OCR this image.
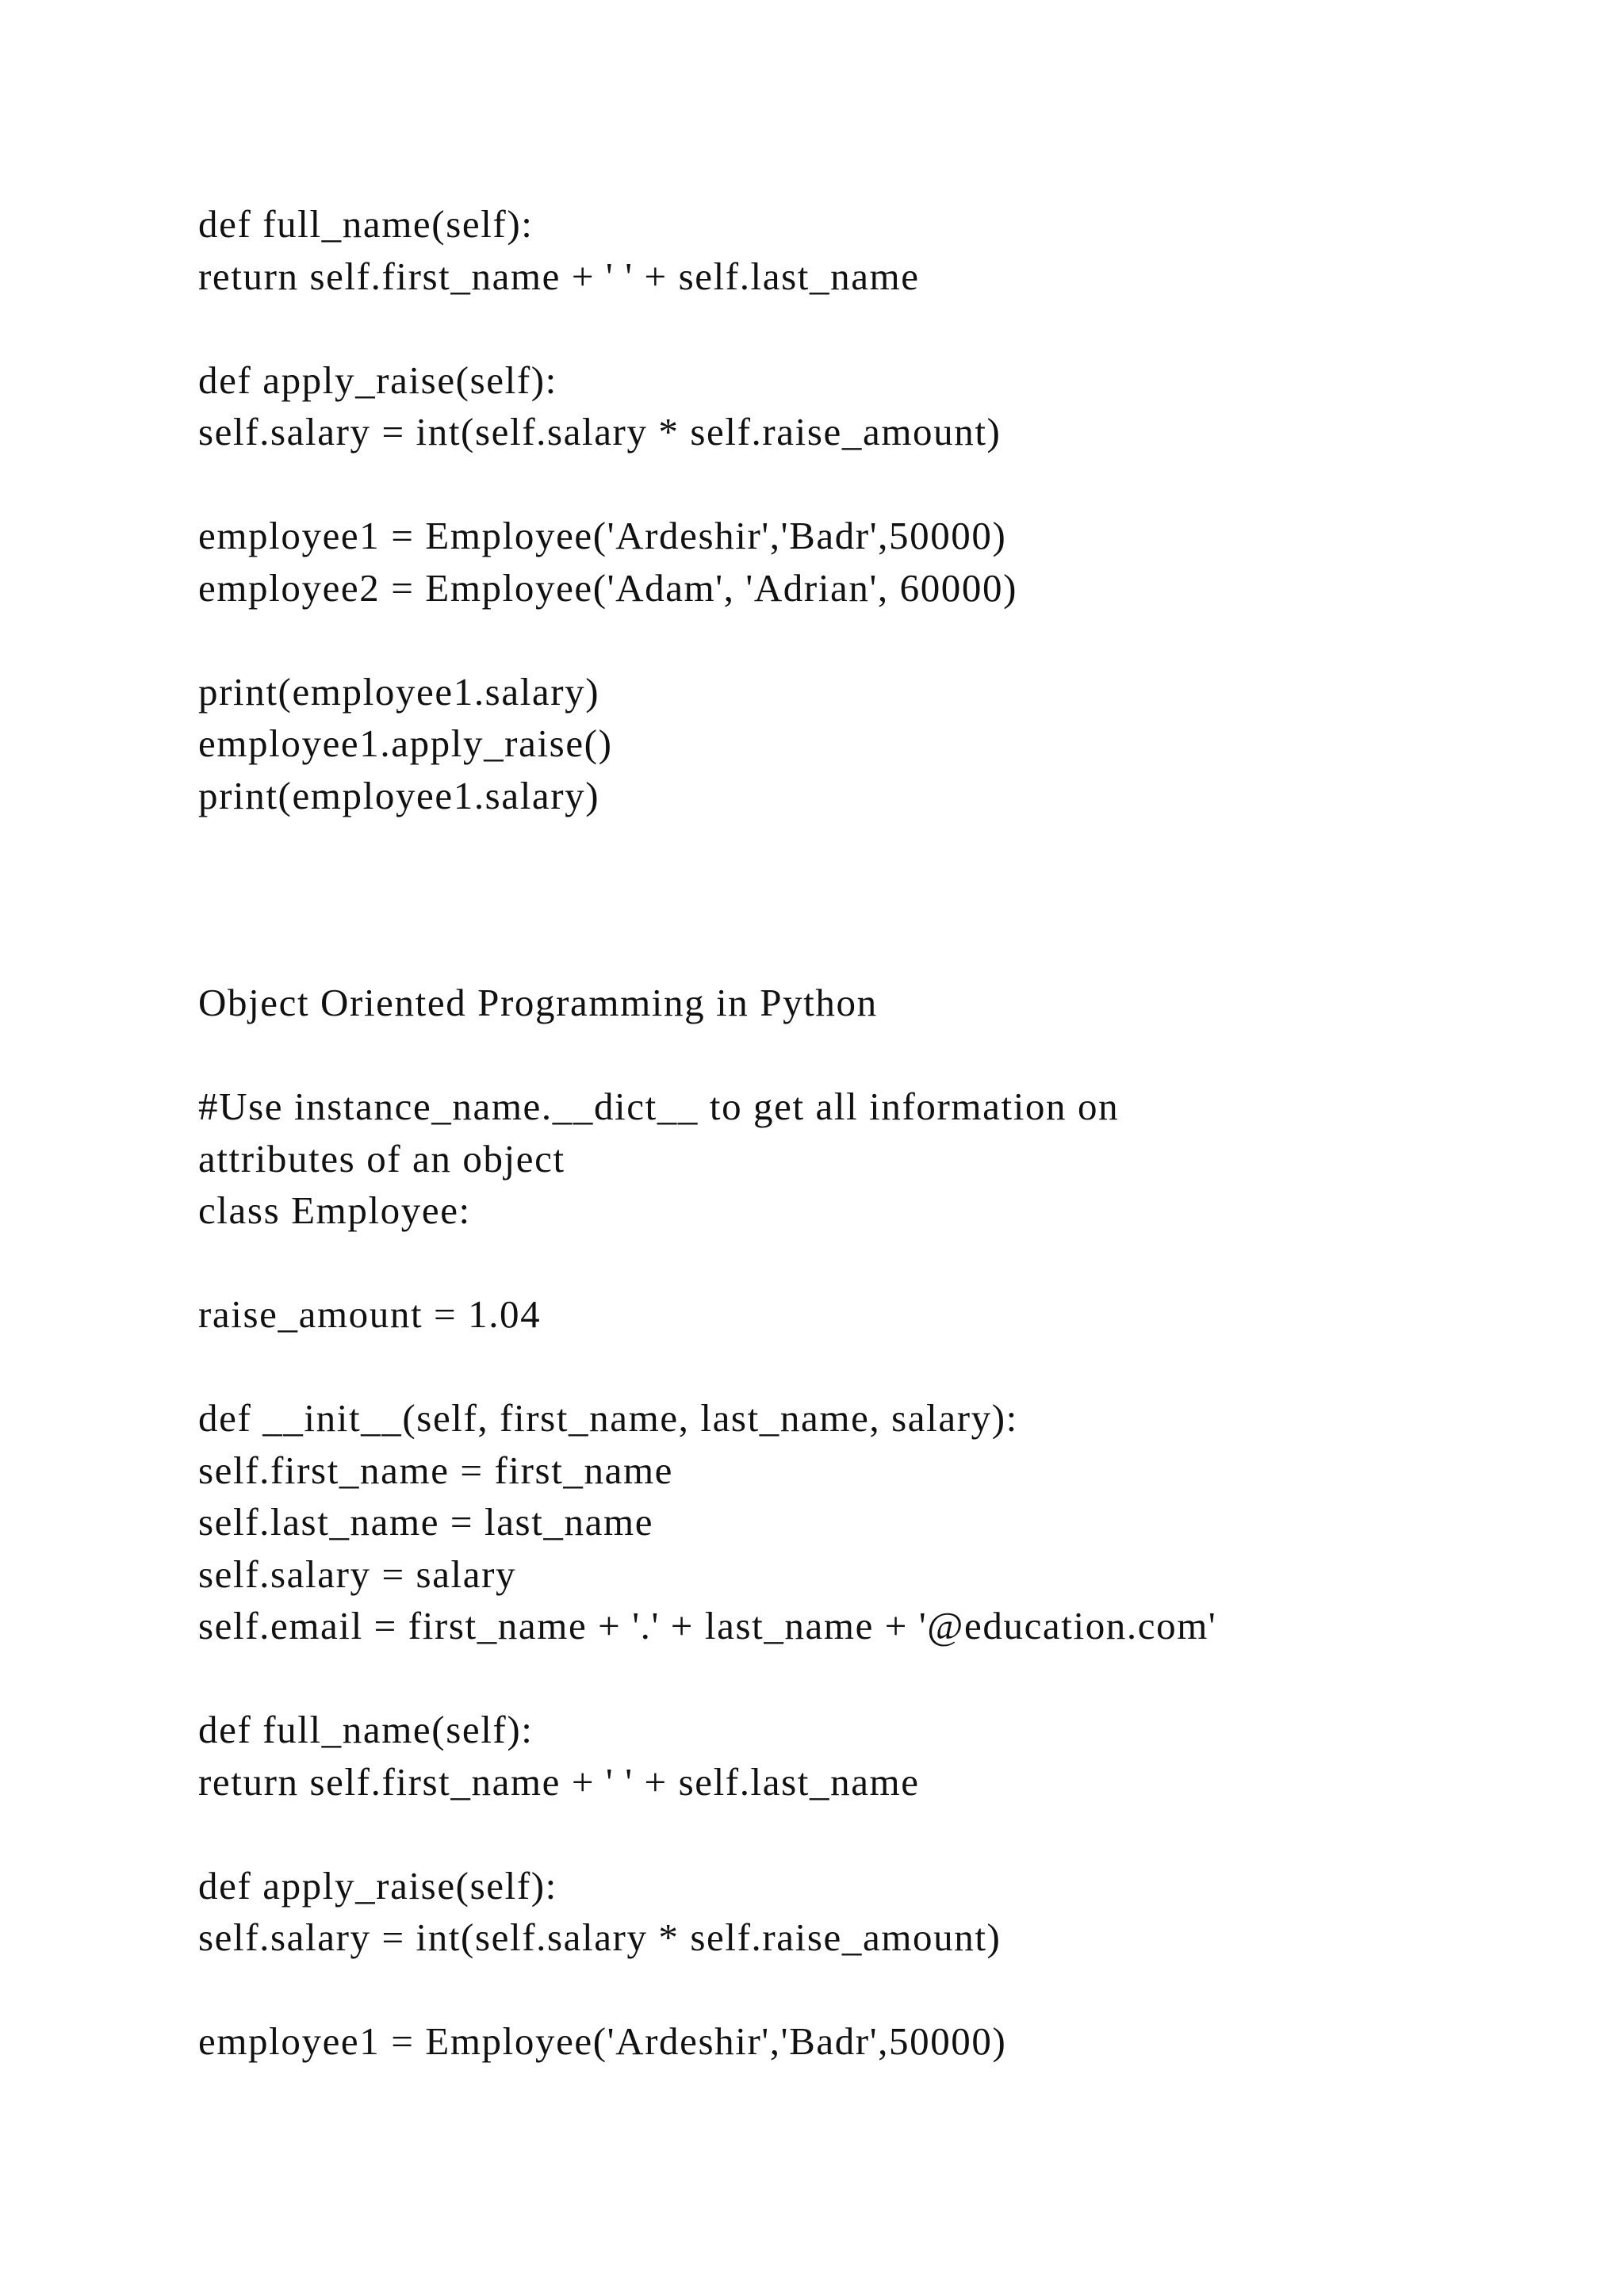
def full_name(self):
return self.first_name + ' ' + self.last_name
def apply_raise(self):
self.salary = int(self.salary * self.raise_amount)
employee1 = Employee('Ardeshir','Badr',50000)
employee2 = Employee('Adam', 'Adrian', 60000)
print(employee1.salary)
employee1.apply_raise()
print(employee1.salary)
Object Oriented Programming in Python
#Use instance_name.__dict__ to get all information on
attributes of an object
class Employee:
raise_amount = 1.04
def __init__(self, first_name, last_name, salary):
self.first_name = first_name
self.last_name = last_name
self.salary = salary
self.email = first_name + '.' + last_name + '@education.com'
def full_name(self):
return self.first_name + ' ' + self.last_name
def apply_raise(self):
self.salary = int(self.salary * self.raise_amount)
employee1 = Employee('Ardeshir','Badr',50000)
